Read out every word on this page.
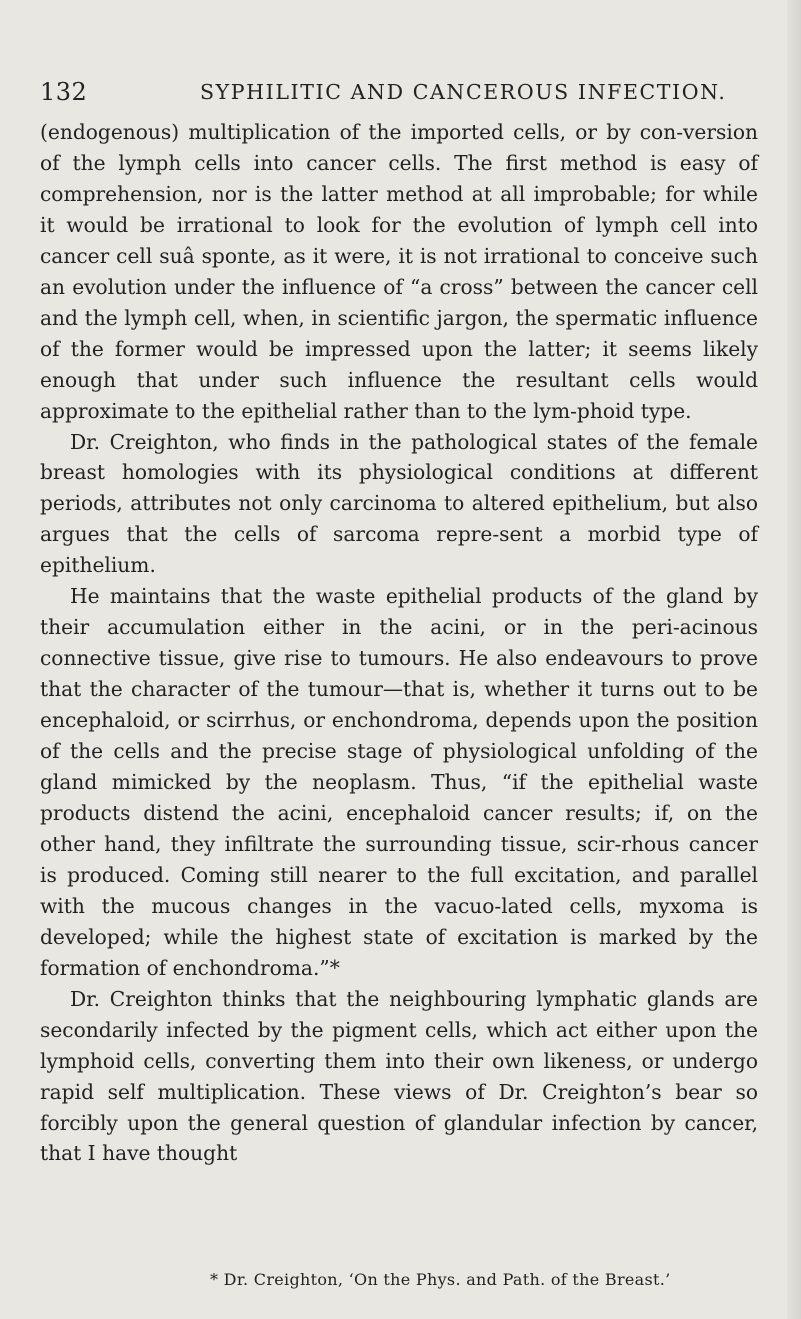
132	SYPHILITIC AND CANCEROUS INFECTION.

(endogenous) multiplication of the imported cells, or by con-version of the lymph cells into cancer cells. The first method is easy of comprehension, nor is the latter method at all improbable; for while it would be irrational to look for the evolution of lymph cell into cancer cell suâ sponte, as it were, it is not irrational to conceive such an evolution under the influence of “a cross” between the cancer cell and the lymph cell, when, in scientific jargon, the spermatic influence of the former would be impressed upon the latter; it seems likely enough that under such influence the resultant cells would approximate to the epithelial rather than to the lym-phoid type.

Dr. Creighton, who finds in the pathological states of the female breast homologies with its physiological conditions at different periods, attributes not only carcinoma to altered epithelium, but also argues that the cells of sarcoma repre-sent a morbid type of epithelium.

He maintains that the waste epithelial products of the gland by their accumulation either in the acini, or in the peri-acinous connective tissue, give rise to tumours. He also endeavours to prove that the character of the tumour—that is, whether it turns out to be encephaloid, or scirrhus, or enchondroma, depends upon the position of the cells and the precise stage of physiological unfolding of the gland mimicked by the neoplasm. Thus, “if the epithelial waste products distend the acini, encephaloid cancer results; if, on the other hand, they infiltrate the surrounding tissue, scir-rhous cancer is produced. Coming still nearer to the full excitation, and parallel with the mucous changes in the vacuo-lated cells, myxoma is developed; while the highest state of excitation is marked by the formation of enchondroma.”*

Dr. Creighton thinks that the neighbouring lymphatic glands are secondarily infected by the pigment cells, which act either upon the lymphoid cells, converting them into their own likeness, or undergo rapid self multiplication. These views of Dr. Creighton’s bear so forcibly upon the general question of glandular infection by cancer, that I have thought

* Dr. Creighton, ‘On the Phys. and Path. of the Breast.’
